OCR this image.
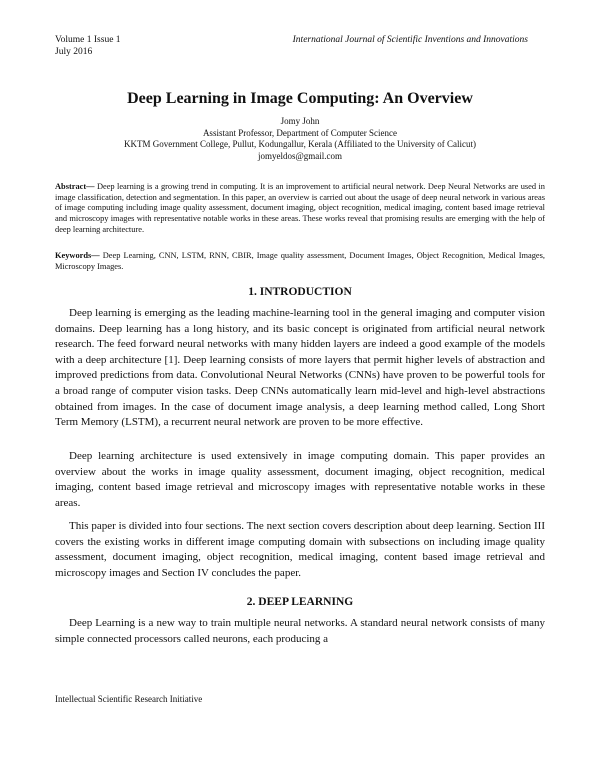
Volume 1 Issue 1
July 2016
International Journal of Scientific Inventions and Innovations
Deep Learning in Image Computing: An Overview
Jomy John
Assistant Professor, Department of Computer Science
KKTM Government College, Pullut, Kodungallur, Kerala (Affiliated to the University of Calicut)
jomyeldos@gmail.com
Abstract— Deep learning is a growing trend in computing. It is an improvement to artificial neural network. Deep Neural Networks are used in image classification, detection and segmentation. In this paper, an overview is carried out about the usage of deep neural network in various areas of image computing including image quality assessment, document imaging, object recognition, medical imaging, content based image retrieval and microscopy images with representative notable works in these areas. These works reveal that promising results are emerging with the help of deep learning architecture.
Keywords— Deep Learning, CNN, LSTM, RNN, CBIR, Image quality assessment, Document Images, Object Recognition, Medical Images, Microscopy Images.
1. INTRODUCTION

Deep learning is emerging as the leading machine-learning tool in the general imaging and computer vision domains. Deep learning has a long history, and its basic concept is originated from artificial neural network research. The feed forward neural networks with many hidden layers are indeed a good example of the models with a deep architecture [1]. Deep learning consists of more layers that permit higher levels of abstraction and improved predictions from data. Convolutional Neural Networks (CNNs) have proven to be powerful tools for a broad range of computer vision tasks. Deep CNNs automatically learn mid-level and high-level abstractions obtained from images. In the case of document image analysis, a deep learning method called, Long Short Term Memory (LSTM), a recurrent neural network are proven to be more effective.

Deep learning architecture is used extensively in image computing domain. This paper provides an overview about the works in image quality assessment, document imaging, object recognition, medical imaging, content based image retrieval and microscopy images with representative notable works in these areas.

This paper is divided into four sections. The next section covers description about deep learning. Section III covers the existing works in different image computing domain with subsections on including image quality assessment, document imaging, object recognition, medical imaging, content based image retrieval and microscopy images and Section IV concludes the paper.

2. DEEP LEARNING

Deep Learning is a new way to train multiple neural networks. A standard neural network consists of many simple connected processors called neurons, each producing a

Intellectual Scientific Research Initiative
